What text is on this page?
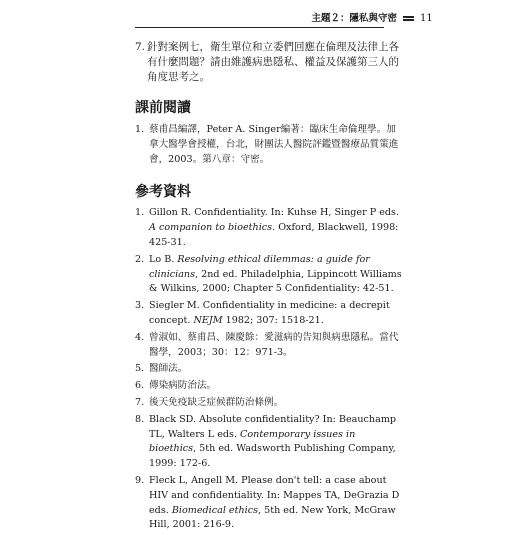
主題２：隱私與守密 11
7. 針對案例七，衛生單位和立委們回應在倫理及法律上各有什麼問題？請由維護病患隱私、權益及保護第三人的角度思考之。
課前閱讀
1. 蔡甫昌編譯，Peter A. Singer編著：臨床生命倫理學。加拿大醫學會授權，台北，財團法人醫院評鑑暨醫療品質策進會，2003。第八章：守密。
參考資料
1. Gillon R. Confidentiality. In: Kuhse H, Singer P eds. A companion to bioethics. Oxford, Blackwell, 1998: 425-31.
2. Lo B. Resolving ethical dilemmas: a guide for clinicians, 2nd ed. Philadelphia, Lippincott Williams & Wilkins, 2000; Chapter 5 Confidentiality: 42-51.
3. Siegler M. Confidentiality in medicine: a decrepit concept. NEJM 1982; 307: 1518-21.
4. 曾淑如、蔡甫昌、陳慶餘：愛滋病的告知與病患隱私。當代醫學，2003；30：12：971-3。
5. 醫師法。
6. 傳染病防治法。
7. 後天免疫缺乏症候群防治條例。
8. Black SD. Absolute confidentiality? In: Beauchamp TL, Walters L eds. Contemporary issues in bioethics, 5th ed. Wadsworth Publishing Company, 1999: 172-6.
9. Fleck L, Angell M. Please don't tell: a case about HIV and confidentiality. In: Mappes TA, DeGrazia D eds. Biomedical ethics, 5th ed. New York, McGraw Hill, 2001: 216-9.
